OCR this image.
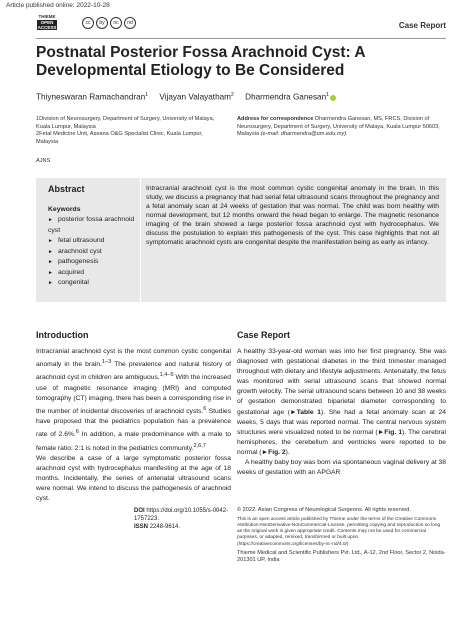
Article published online: 2022-10-28
THIEME
OPEN ACCESS
cc	by	nc	nd	Case Report
Postnatal Posterior Fossa Arachnoid Cyst: A Developmental Etiology to Be Considered
Thiyneswaran Ramachandran$^1$ Vijayan Valayatham$^2$ Dharmendra Ganesan$^1$
1Division of Neurosurgery, Department of Surgery, University of Malaya, Kuala Lumpur, Malaysia
2Fetal Medicine Unit, Aseana O&G Specialist Clinic, Kuala Lumpur, Malaysia
Address for correspondence Dharmendra Ganesan, MS, FRCS, Division of Neurosurgery, Department of Surgery, University of Malaya, Kuala Lumpur 50603, Malaysia (e-mail: dharmendra@um.edu.my).
AJNS
Abstract
Keywords
► posterior fossa arachnoid cyst
► fetal ultrasound
► arachnoid cyst
► pathogenesis
► acquired
► congenital
Intracranial arachnoid cyst is the most common cystic congenital anomaly in the brain. In this study, we discuss a pregnancy that had serial fetal ultrasound scans throughout the pregnancy and a fetal anomaly scan at 24 weeks of gestation that was normal. The child was born healthy with normal development, but 12 months onward the head began to enlarge. The magnetic resonance imaging of the brain showed a large posterior fossa arachnoid cyst with hydrocephalus. We discuss the postulation to explain this pathogenesis of the cyst. This case highlights that not all symptomatic arachnoid cysts are congenital despite the manifestation being as early as infancy.
Introduction
Intracranial arachnoid cyst is the most common cystic congenital anomaly in the brain.$^{1-3}$ The prevalence and natural history of arachnoid cyst in children are ambiguous.$^{1,4-5}$ With the increased use of magnetic resonance imaging (MRI) and computed tomography (CT) imaging, there has been a corresponding rise in the number of incidental discoveries of arachnoid cysts.$^6$ Studies have proposed that the pediatrics population has a prevalence rate of 2.6%.$^6$ In addition, a male predominance with a male to female ratio: 2:1 is noted in the pediatrics community.$^{2,6,7}$
We describe a case of a large symptomatic posterior fossa arachnoid cyst with hydrocephalus manifesting at the age of 18 months. Incidentally, the series of antenatal ultrasound scans were normal. We intend to discuss the pathogenesis of arachnoid cyst.
Case Report
A healthy 33-year-old woman was into her first pregnancy. She was diagnosed with gestational diabetes in the third trimester managed throughout with dietary and lifestyle adjustments. Antenatally, the fetus was monitored with serial ultrasound scans that showed normal growth velocity. The serial ultrasound scans between 10 and 38 weeks of gestation demonstrated biparietal diameter corresponding to gestational age (►Table 1). She had a fetal anomaly scan at 24 weeks, 5 days that was reported normal. The central nervous system structures were visualized noted to be normal (►Fig. 1). The cerebral hemispheres, the cerebellum and ventricles were reported to be normal (►Fig. 2).
A healthy baby boy was born via spontaneous vaginal delivery at 38 weeks of gestation with an APGAR
DOI https://doi.org/10.1055/s-0042-1757223.
ISSN 2248-9614.
© 2022. Asian Congress of Neurological Surgeons. All rights reserved.
This is an open access article published by Thieme under the terms of the Creative Commons Attribution-NonDerivative-NonCommercial-License, permitting copying and reproduction so long as the original work is given appropriate credit. Contents may not be used for commercial purposes, or adapted, remixed, transformed or built upon. (https://creativecommons.org/licenses/by-nc-nd/4.0/)
Thieme Medical and Scientific Publishers Pvt. Ltd., A-12, 2nd Floor, Sector 2, Noida-201301 UP, India
